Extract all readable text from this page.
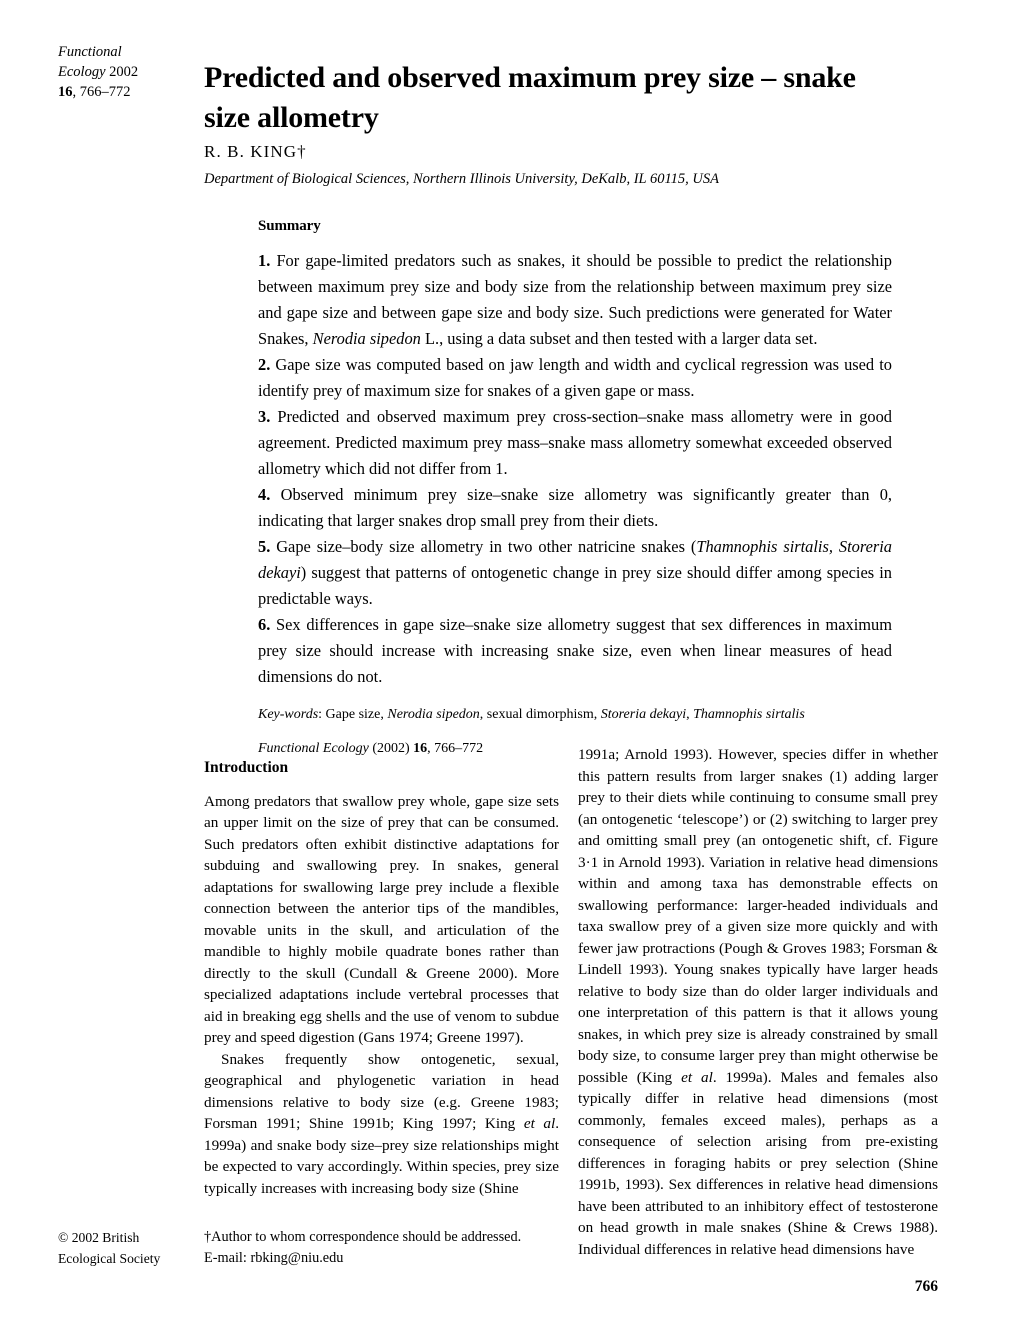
Functional
Ecology 2002
16, 766–772	Predicted and observed maximum prey size – snake size allometry
R. B. KING†
Department of Biological Sciences, Northern Illinois University, DeKalb, IL 60115, USA
Summary

1. For gape-limited predators such as snakes, it should be possible to predict the relationship between maximum prey size and body size from the relationship between maximum prey size and gape size and between gape size and body size. Such predictions were generated for Water Snakes, Nerodia sipedon L., using a data subset and then tested with a larger data set.

2. Gape size was computed based on jaw length and width and cyclical regression was used to identify prey of maximum size for snakes of a given gape or mass.

3. Predicted and observed maximum prey cross-section–snake mass allometry were in good agreement. Predicted maximum prey mass–snake mass allometry somewhat exceeded observed allometry which did not differ from 1.

4. Observed minimum prey size–snake size allometry was significantly greater than 0, indicating that larger snakes drop small prey from their diets.

5. Gape size–body size allometry in two other natricine snakes (Thamnophis sirtalis, Storeria dekayi) suggest that patterns of ontogenetic change in prey size should differ among species in predictable ways.

6. Sex differences in gape size–snake size allometry suggest that sex differences in maximum prey size should increase with increasing snake size, even when linear measures of head dimensions do not.

Key-words: Gape size, Nerodia sipedon, sexual dimorphism, Storeria dekayi, Thamnophis sirtalis
Functional Ecology (2002) 16, 766–772
Introduction

Among predators that swallow prey whole, gape size sets an upper limit on the size of prey that can be consumed. Such predators often exhibit distinctive adaptations for subduing and swallowing prey. In snakes, general adaptations for swallowing large prey include a flexible connection between the anterior tips of the mandibles, movable units in the skull, and articulation of the mandible to highly mobile quadrate bones rather than directly to the skull (Cundall & Greene 2000). More specialized adaptations include vertebral processes that aid in breaking egg shells and the use of venom to subdue prey and speed digestion (Gans 1974; Greene 1997).

Snakes frequently show ontogenetic, sexual, geographical and phylogenetic variation in head dimensions relative to body size (e.g. Greene 1983; Forsman 1991; Shine 1991b; King 1997; King et al. 1999a) and snake body size–prey size relationships might be expected to vary accordingly. Within species, prey size typically increases with increasing body size (Shine

1991a; Arnold 1993). However, species differ in whether this pattern results from larger snakes (1) adding larger prey to their diets while continuing to consume small prey (an ontogenetic ‘telescope’) or (2) switching to larger prey and omitting small prey (an ontogenetic shift, cf. Figure 3·1 in Arnold 1993). Variation in relative head dimensions within and among taxa has demonstrable effects on swallowing performance: larger-headed individuals and taxa swallow prey of a given size more quickly and with fewer jaw protractions (Pough & Groves 1983; Forsman & Lindell 1993). Young snakes typically have larger heads relative to body size than do older larger individuals and one interpretation of this pattern is that it allows young snakes, in which prey size is already constrained by small body size, to consume larger prey than might otherwise be possible (King et al. 1999a). Males and females also typically differ in relative head dimensions (most commonly, females exceed males), perhaps as a consequence of selection arising from pre-existing differences in foraging habits or prey selection (Shine 1991b, 1993). Sex differences in relative head dimensions have been attributed to an inhibitory effect of testosterone on head growth in male snakes (Shine & Crews 1988). Individual differences in relative head dimensions have

© 2002 British
Ecological Society
†Author to whom correspondence should be addressed.
E-mail: rbking@niu.edu
766
